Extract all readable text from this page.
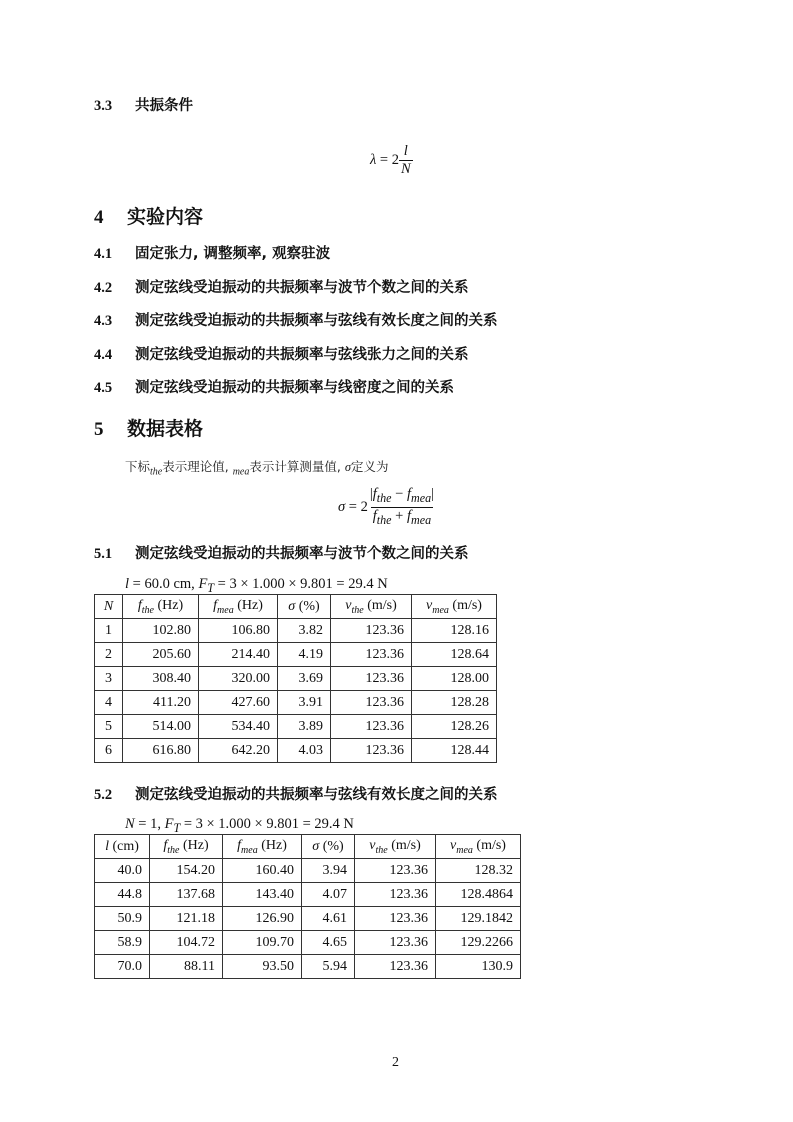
3.3 共振条件
$\lambda = 2 \frac{l}{N}$
4 实验内容
4.1 固定张力, 调整频率, 观察驻波
4.2 测定弦线受迫振动的共振频率与波节个数之间的关系
4.3 测定弦线受迫振动的共振频率与弦线有效长度之间的关系
4.4 测定弦线受迫振动的共振频率与弦线张力之间的关系
4.5 测定弦线受迫振动的共振频率与线密度之间的关系
5 数据表格
下标$_{the}$表示理论值, $_{mea}$表示计算测量值, σ定义为
$\sigma = 2 \frac{|f_{the} - f_{mea}|}{f_{the} + f_{mea}}$
5.1 测定弦线受迫振动的共振频率与波节个数之间的关系
l = 60.0 cm, $F_T = 3 \times 1.000 \times 9.801 = 29.4$ N
N	$f_{the}$ (Hz)	$f_{mea}$ (Hz)	σ (%)	$v_{the}$ (m/s)	$v_{mea}$ (m/s)
1	102.80	106.80	3.82	123.36	128.16
2	205.60	214.40	4.19	123.36	128.64
3	308.40	320.00	3.69	123.36	128.00
4	411.20	427.60	3.91	123.36	128.28
5	514.00	534.40	3.89	123.36	128.26
6	616.80	642.20	4.03	123.36	128.44
5.2 测定弦线受迫振动的共振频率与弦线有效长度之间的关系
N = 1, $F_T = 3 \times 1.000 \times 9.801 = 29.4$ N
l (cm)	$f_{the}$ (Hz)	$f_{mea}$ (Hz)	σ (%)	$v_{the}$ (m/s)	$v_{mea}$ (m/s)
40.0	154.20	160.40	3.94	123.36	128.32
44.8	137.68	143.40	4.07	123.36	128.4864
50.9	121.18	126.90	4.61	123.36	129.1842
58.9	104.72	109.70	4.65	123.36	129.2266
70.0	88.11	93.50	5.94	123.36	130.9
2
